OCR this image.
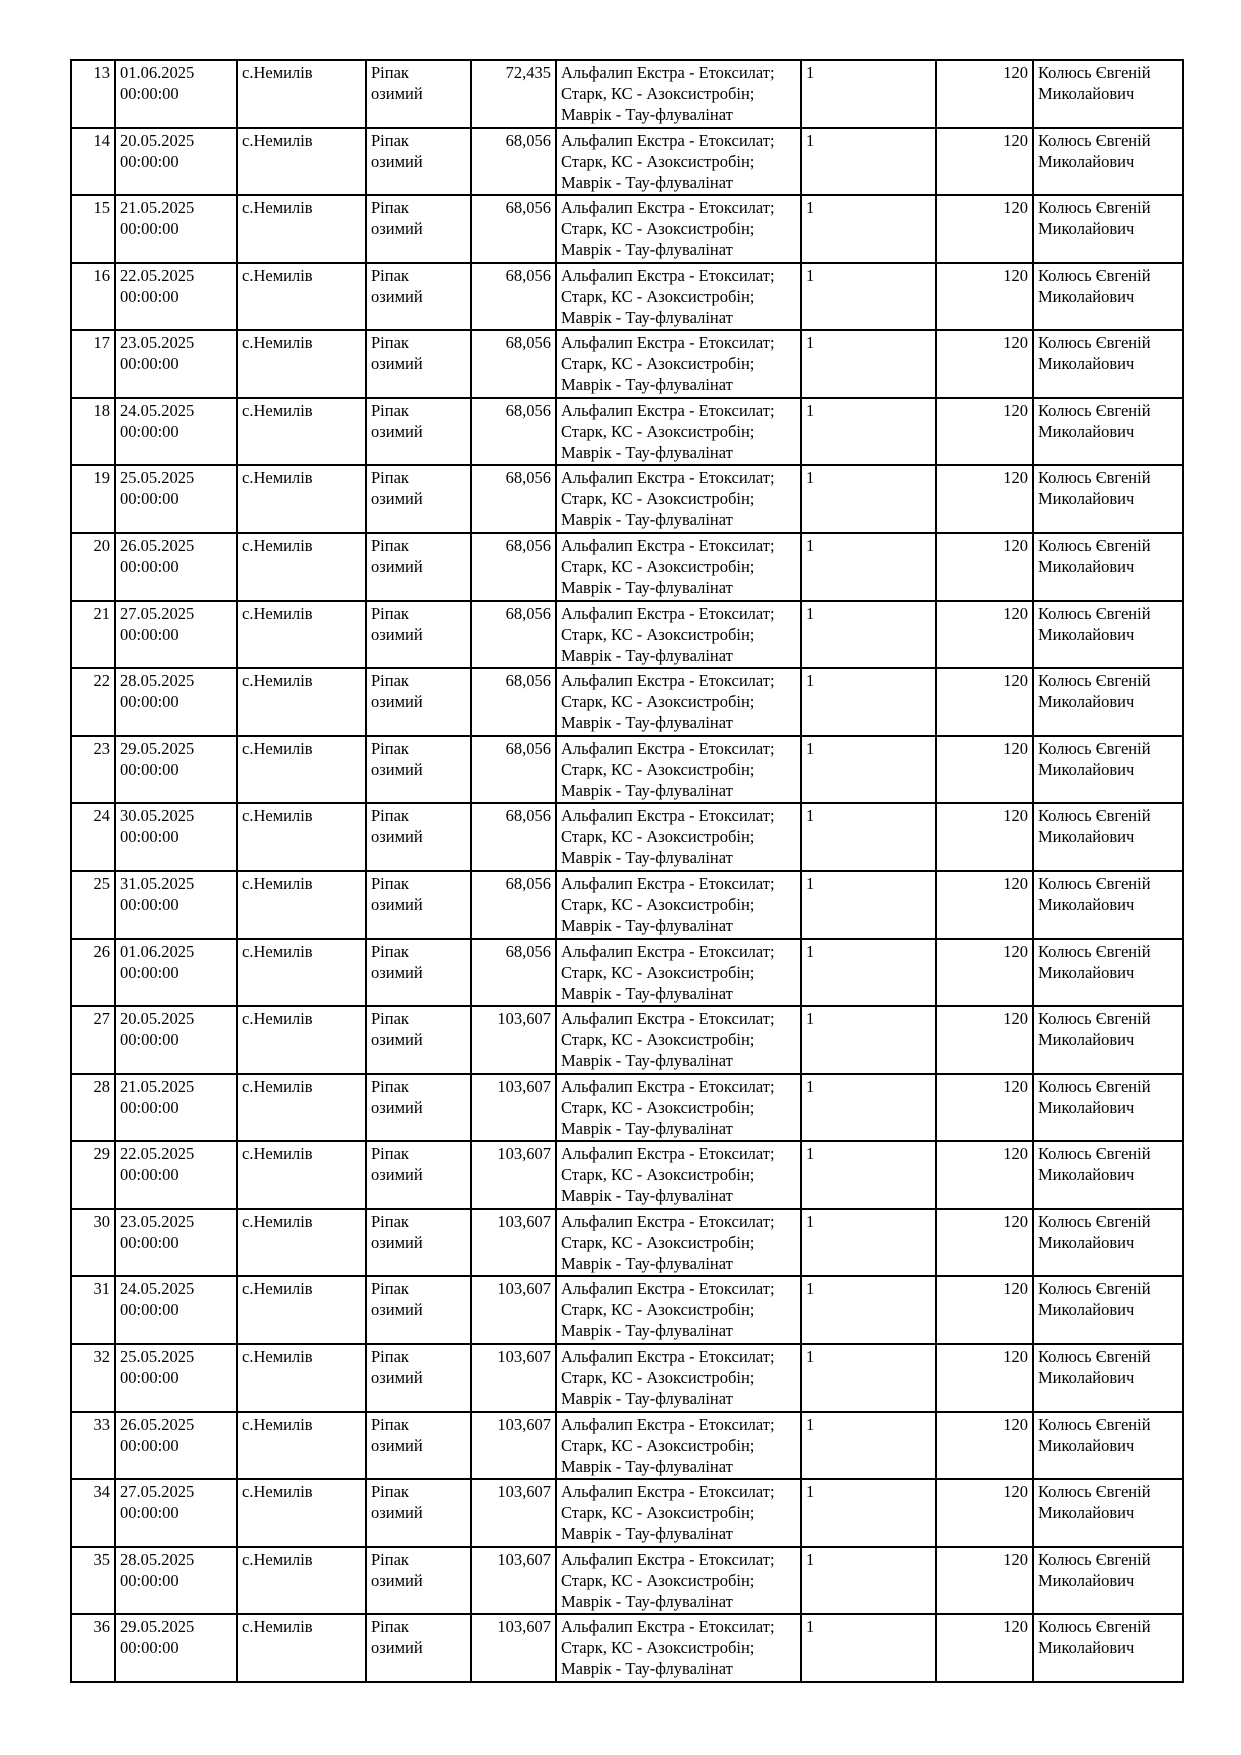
13	01.06.2025 00:00:00	с.Немилів	Ріпак озимий	72,435	Альфалип Екстра - Етоксилат;
Старк, КС - Азоксистробін;
Маврік - Тау-флувалінат	1	120	Колюсь Євгеній Миколайович
14	20.05.2025 00:00:00	с.Немилів	Ріпак озимий	68,056	Альфалип Екстра - Етоксилат;
Старк, КС - Азоксистробін;
Маврік - Тау-флувалінат	1	120	Колюсь Євгеній Миколайович
15	21.05.2025 00:00:00	с.Немилів	Ріпак озимий	68,056	Альфалип Екстра - Етоксилат;
Старк, КС - Азоксистробін;
Маврік - Тау-флувалінат	1	120	Колюсь Євгеній Миколайович
16	22.05.2025 00:00:00	с.Немилів	Ріпак озимий	68,056	Альфалип Екстра - Етоксилат;
Старк, КС - Азоксистробін;
Маврік - Тау-флувалінат	1	120	Колюсь Євгеній Миколайович
17	23.05.2025 00:00:00	с.Немилів	Ріпак озимий	68,056	Альфалип Екстра - Етоксилат;
Старк, КС - Азоксистробін;
Маврік - Тау-флувалінат	1	120	Колюсь Євгеній Миколайович
18	24.05.2025 00:00:00	с.Немилів	Ріпак озимий	68,056	Альфалип Екстра - Етоксилат;
Старк, КС - Азоксистробін;
Маврік - Тау-флувалінат	1	120	Колюсь Євгеній Миколайович
19	25.05.2025 00:00:00	с.Немилів	Ріпак озимий	68,056	Альфалип Екстра - Етоксилат;
Старк, КС - Азоксистробін;
Маврік - Тау-флувалінат	1	120	Колюсь Євгеній Миколайович
20	26.05.2025 00:00:00	с.Немилів	Ріпак озимий	68,056	Альфалип Екстра - Етоксилат;
Старк, КС - Азоксистробін;
Маврік - Тау-флувалінат	1	120	Колюсь Євгеній Миколайович
21	27.05.2025 00:00:00	с.Немилів	Ріпак озимий	68,056	Альфалип Екстра - Етоксилат;
Старк, КС - Азоксистробін;
Маврік - Тау-флувалінат	1	120	Колюсь Євгеній Миколайович
22	28.05.2025 00:00:00	с.Немилів	Ріпак озимий	68,056	Альфалип Екстра - Етоксилат;
Старк, КС - Азоксистробін;
Маврік - Тау-флувалінат	1	120	Колюсь Євгеній Миколайович
23	29.05.2025 00:00:00	с.Немилів	Ріпак озимий	68,056	Альфалип Екстра - Етоксилат;
Старк, КС - Азоксистробін;
Маврік - Тау-флувалінат	1	120	Колюсь Євгеній Миколайович
24	30.05.2025 00:00:00	с.Немилів	Ріпак озимий	68,056	Альфалип Екстра - Етоксилат;
Старк, КС - Азоксистробін;
Маврік - Тау-флувалінат	1	120	Колюсь Євгеній Миколайович
25	31.05.2025 00:00:00	с.Немилів	Ріпак озимий	68,056	Альфалип Екстра - Етоксилат;
Старк, КС - Азоксистробін;
Маврік - Тау-флувалінат	1	120	Колюсь Євгеній Миколайович
26	01.06.2025 00:00:00	с.Немилів	Ріпак озимий	68,056	Альфалип Екстра - Етоксилат;
Старк, КС - Азоксистробін;
Маврік - Тау-флувалінат	1	120	Колюсь Євгеній Миколайович
27	20.05.2025 00:00:00	с.Немилів	Ріпак озимий	103,607	Альфалип Екстра - Етоксилат;
Старк, КС - Азоксистробін;
Маврік - Тау-флувалінат	1	120	Колюсь Євгеній Миколайович
28	21.05.2025 00:00:00	с.Немилів	Ріпак озимий	103,607	Альфалип Екстра - Етоксилат;
Старк, КС - Азоксистробін;
Маврік - Тау-флувалінат	1	120	Колюсь Євгеній Миколайович
29	22.05.2025 00:00:00	с.Немилів	Ріпак озимий	103,607	Альфалип Екстра - Етоксилат;
Старк, КС - Азоксистробін;
Маврік - Тау-флувалінат	1	120	Колюсь Євгеній Миколайович
30	23.05.2025 00:00:00	с.Немилів	Ріпак озимий	103,607	Альфалип Екстра - Етоксилат;
Старк, КС - Азоксистробін;
Маврік - Тау-флувалінат	1	120	Колюсь Євгеній Миколайович
31	24.05.2025 00:00:00	с.Немилів	Ріпак озимий	103,607	Альфалип Екстра - Етоксилат;
Старк, КС - Азоксистробін;
Маврік - Тау-флувалінат	1	120	Колюсь Євгеній Миколайович
32	25.05.2025 00:00:00	с.Немилів	Ріпак озимий	103,607	Альфалип Екстра - Етоксилат;
Старк, КС - Азоксистробін;
Маврік - Тау-флувалінат	1	120	Колюсь Євгеній Миколайович
33	26.05.2025 00:00:00	с.Немилів	Ріпак озимий	103,607	Альфалип Екстра - Етоксилат;
Старк, КС - Азоксистробін;
Маврік - Тау-флувалінат	1	120	Колюсь Євгеній Миколайович
34	27.05.2025 00:00:00	с.Немилів	Ріпак озимий	103,607	Альфалип Екстра - Етоксилат;
Старк, КС - Азоксистробін;
Маврік - Тау-флувалінат	1	120	Колюсь Євгеній Миколайович
35	28.05.2025 00:00:00	с.Немилів	Ріпак озимий	103,607	Альфалип Екстра - Етоксилат;
Старк, КС - Азоксистробін;
Маврік - Тау-флувалінат	1	120	Колюсь Євгеній Миколайович
36	29.05.2025 00:00:00	с.Немилів	Ріпак озимий	103,607	Альфалип Екстра - Етоксилат;
Старк, КС - Азоксистробін;
Маврік - Тау-флувалінат	1	120	Колюсь Євгеній Миколайович
